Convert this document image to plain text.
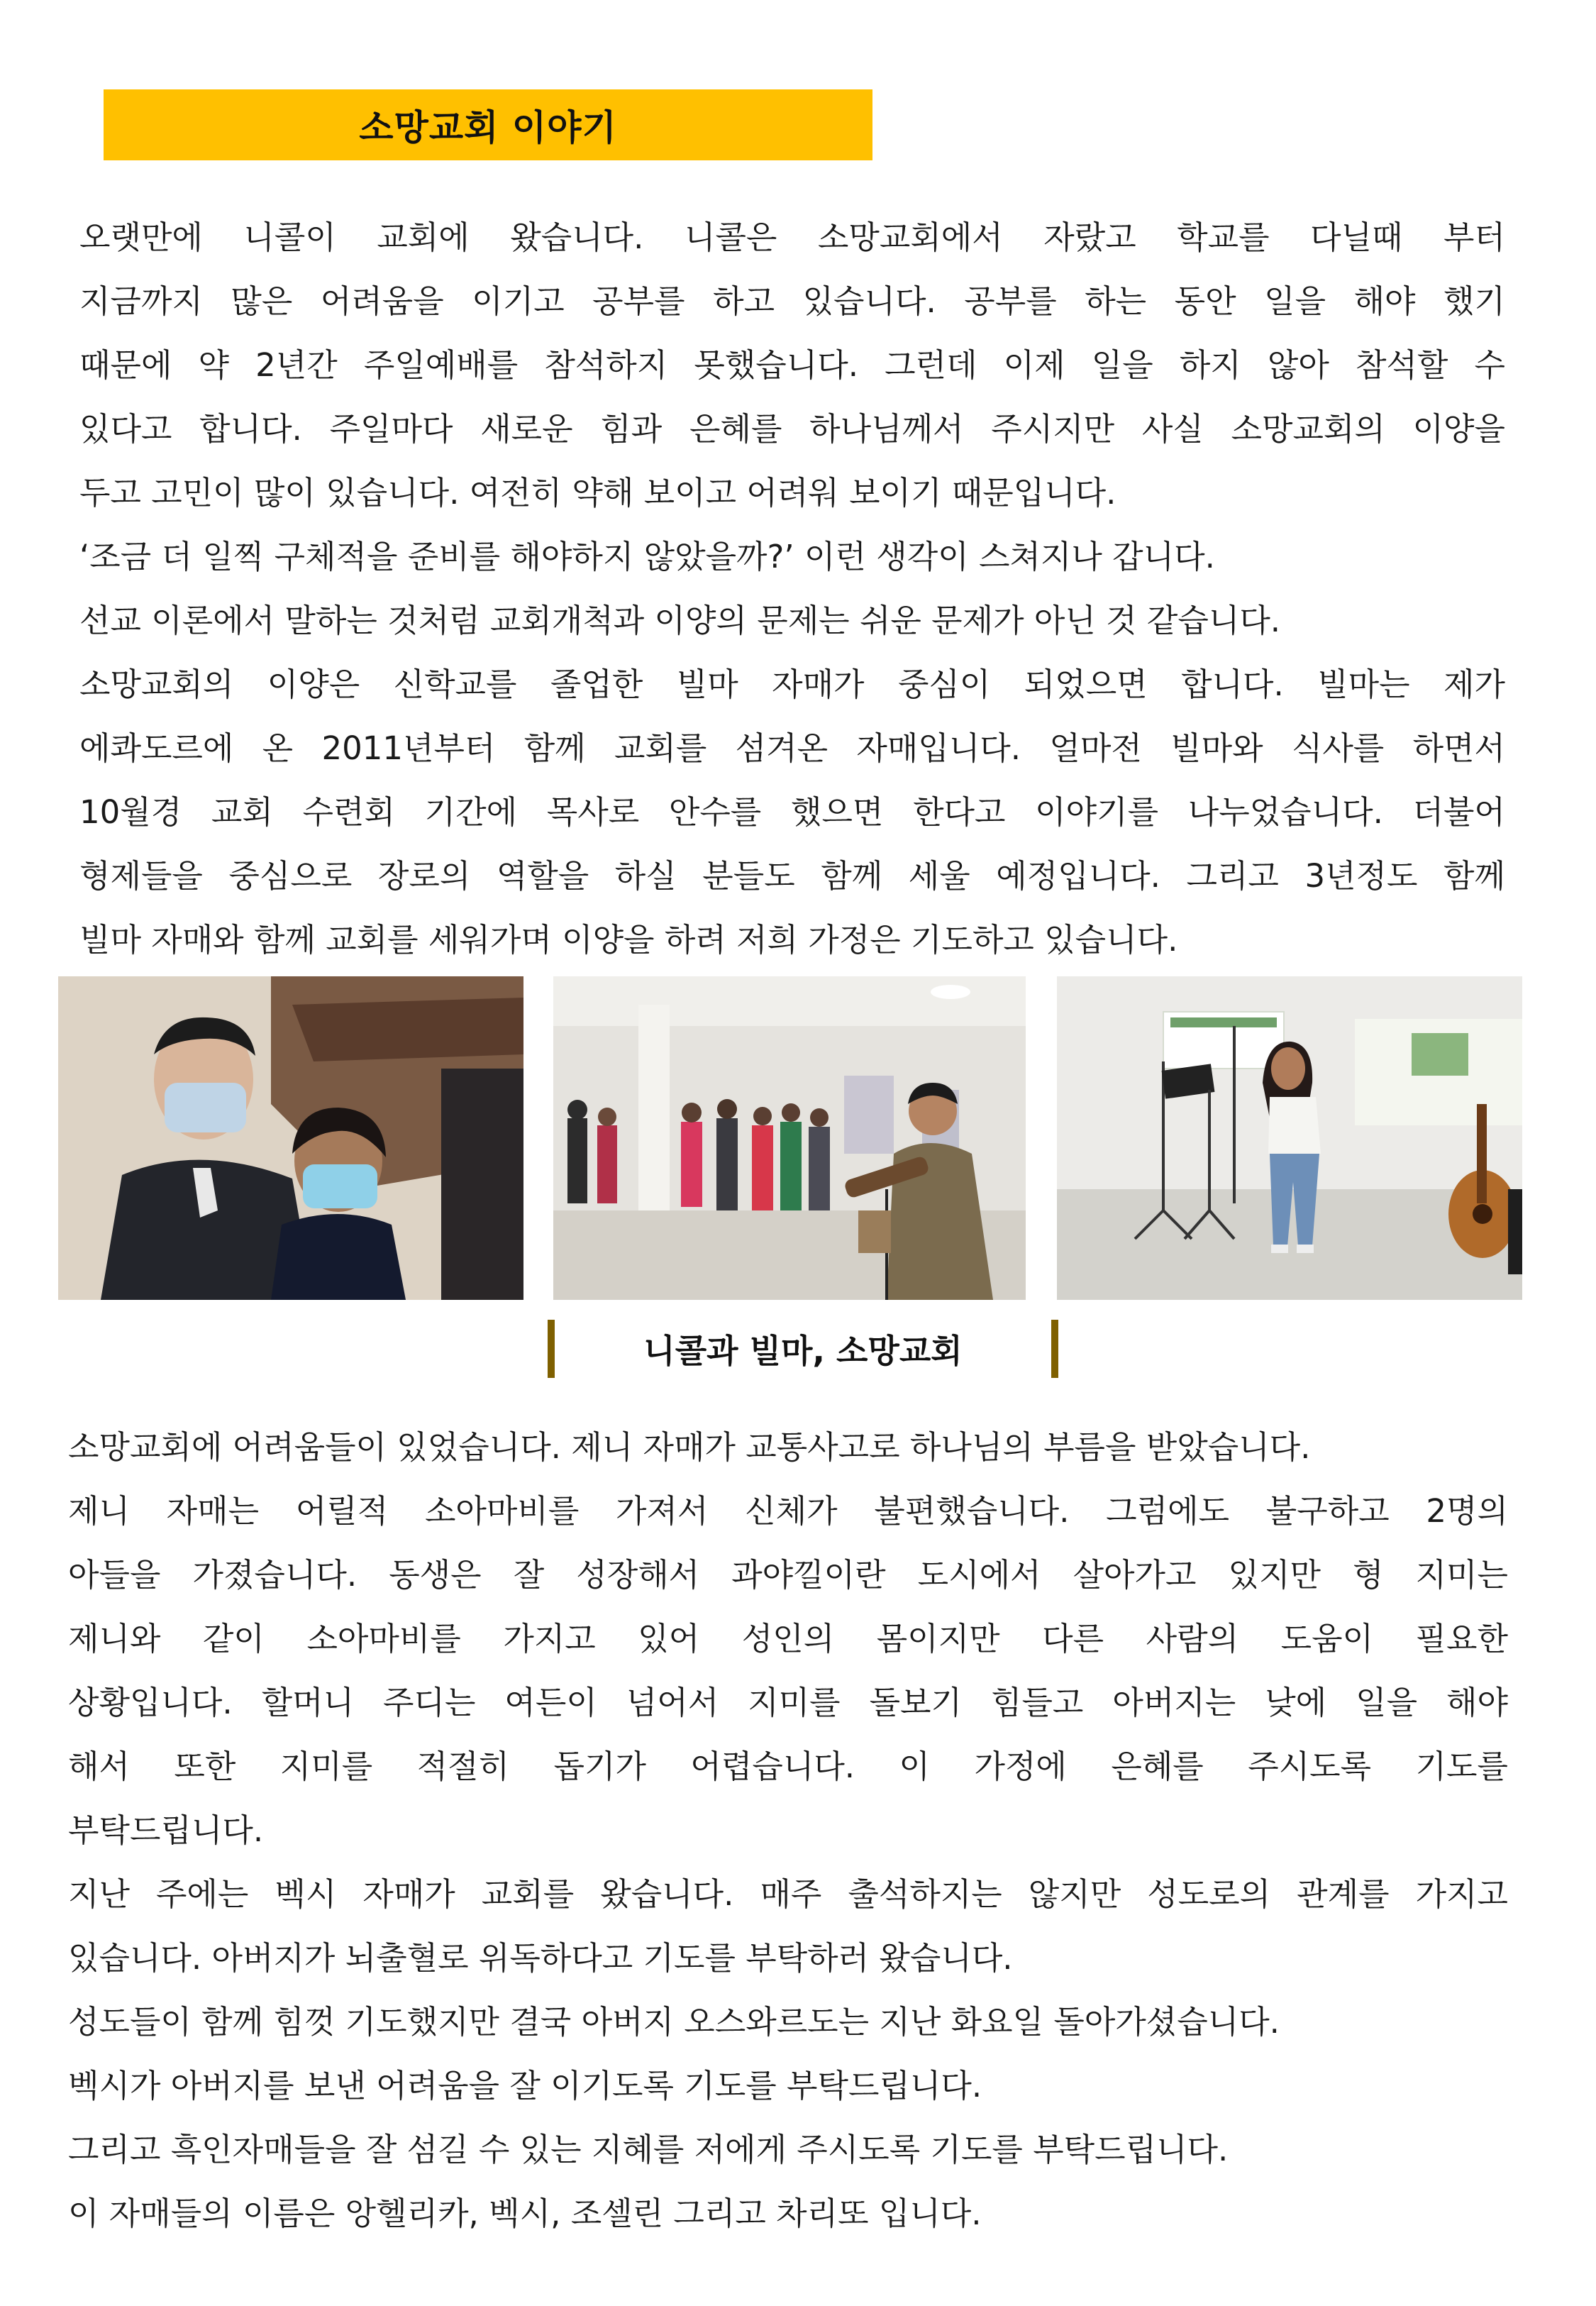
소망교회 이야기
오랫만에 니콜이 교회에 왔습니다. 니콜은 소망교회에서 자랐고 학교를 다닐때 부터
지금까지 많은 어려움을 이기고 공부를 하고 있습니다. 공부를 하는 동안 일을 해야 했기
때문에 약 2년간 주일예배를 참석하지 못했습니다. 그런데 이제 일을 하지 않아 참석할 수
있다고 합니다. 주일마다 새로운 힘과 은혜를 하나님께서 주시지만 사실 소망교회의 이양을
두고 고민이 많이 있습니다. 여전히 약해 보이고 어려워 보이기 때문입니다.
‘조금 더 일찍 구체적을 준비를 해야하지 않았을까?’ 이런 생각이 스쳐지나 갑니다.
선교 이론에서 말하는 것처럼 교회개척과 이양의 문제는 쉬운 문제가 아닌 것 같습니다.
소망교회의 이양은 신학교를 졸업한 빌마 자매가 중심이 되었으면 합니다. 빌마는 제가
에콰도르에 온 2011년부터 함께 교회를 섬겨온 자매입니다. 얼마전 빌마와 식사를 하면서
10월경 교회 수련회 기간에 목사로 안수를 했으면 한다고 이야기를 나누었습니다. 더불어
형제들을 중심으로 장로의 역할을 하실 분들도 함께 세울 예정입니다. 그리고 3년정도 함께
빌마 자매와 함께 교회를 세워가며 이양을 하려 저희 가정은 기도하고 있습니다.
니콜과 빌마, 소망교회
소망교회에 어려움들이 있었습니다. 제니 자매가 교통사고로 하나님의 부름을 받았습니다.
제니 자매는 어릴적 소아마비를 가져서 신체가 불편했습니다. 그럼에도 불구하고 2명의
아들을 가졌습니다. 동생은 잘 성장해서 과야낄이란 도시에서 살아가고 있지만 형 지미는
제니와 같이 소아마비를 가지고 있어 성인의 몸이지만 다른 사람의 도움이 필요한
상황입니다. 할머니 주디는 여든이 넘어서 지미를 돌보기 힘들고 아버지는 낮에 일을 해야
해서 또한 지미를 적절히 돕기가 어렵습니다. 이 가정에 은혜를 주시도록 기도를
부탁드립니다.
지난 주에는 벡시 자매가 교회를 왔습니다. 매주 출석하지는 않지만 성도로의 관계를 가지고
있습니다. 아버지가 뇌출혈로 위독하다고 기도를 부탁하러 왔습니다.
성도들이 함께 힘껏 기도했지만 결국 아버지 오스와르도는 지난 화요일 돌아가셨습니다.
벡시가 아버지를 보낸 어려움을 잘 이기도록 기도를 부탁드립니다.
그리고 흑인자매들을 잘 섬길 수 있는 지혜를 저에게 주시도록 기도를 부탁드립니다.
이 자매들의 이름은 앙헬리카, 벡시, 조셀린 그리고 차리또 입니다.
